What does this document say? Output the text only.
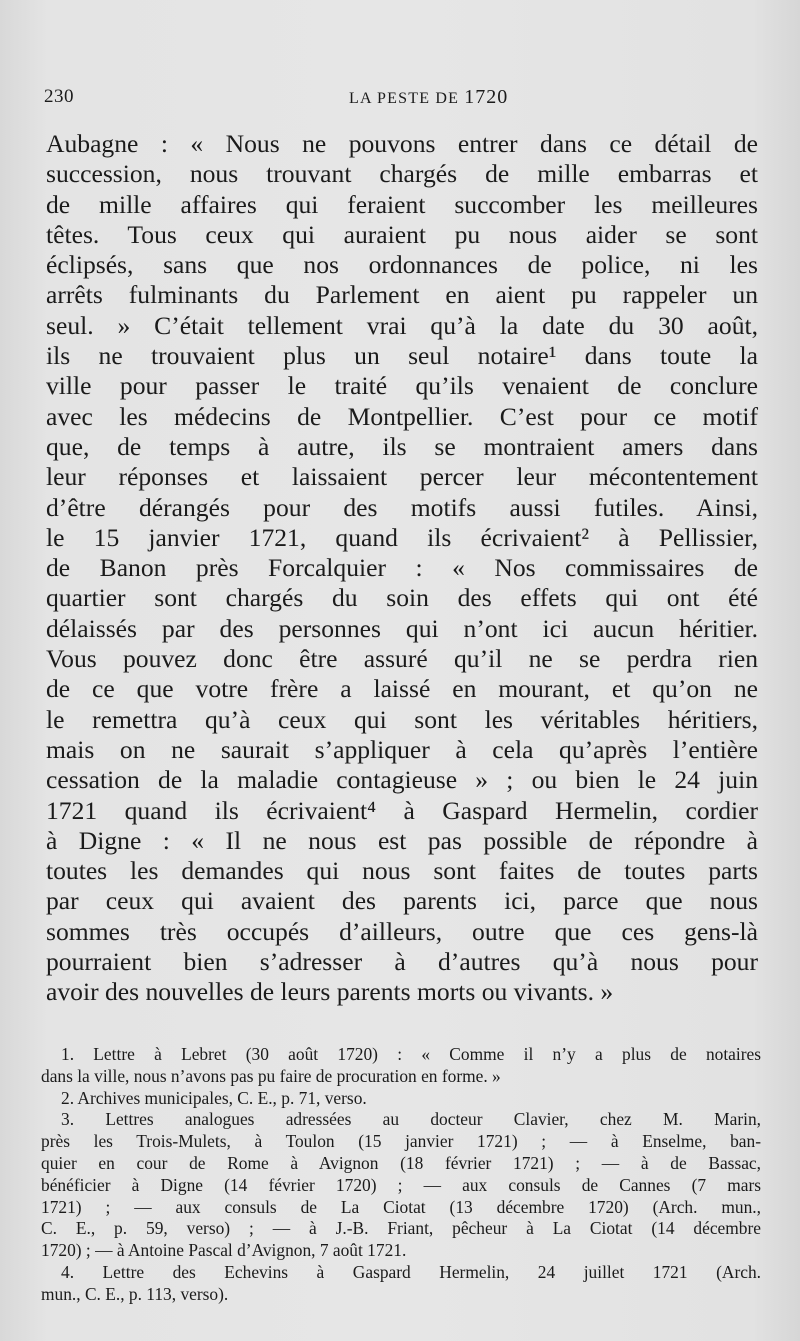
230	LA PESTE DE 1720
Aubagne : « Nous ne pouvons entrer dans ce détail de
succession, nous trouvant chargés de mille embarras et
de mille affaires qui feraient succomber les meilleures
têtes. Tous ceux qui auraient pu nous aider se sont
éclipsés, sans que nos ordonnances de police, ni les
arrêts fulminants du Parlement en aient pu rappeler un
seul. » C’était tellement vrai qu’à la date du 30 août,
ils ne trouvaient plus un seul notaire¹ dans toute la
ville pour passer le traité qu’ils venaient de conclure
avec les médecins de Montpellier. C’est pour ce motif
que, de temps à autre, ils se montraient amers dans
leur réponses et laissaient percer leur mécontentement
d’être dérangés pour des motifs aussi futiles. Ainsi,
le 15 janvier 1721, quand ils écrivaient² à Pellissier,
de Banon près Forcalquier : « Nos commissaires de
quartier sont chargés du soin des effets qui ont été
délaissés par des personnes qui n’ont ici aucun héritier.
Vous pouvez donc être assuré qu’il ne se perdra rien
de ce que votre frère a laissé en mourant, et qu’on ne
le remettra qu’à ceux qui sont les véritables héritiers,
mais on ne saurait s’appliquer à cela qu’après l’entière
cessation de la maladie contagieuse » ; ou bien le 24 juin
1721 quand ils écrivaient⁴ à Gaspard Hermelin, cordier
à Digne : « Il ne nous est pas possible de répondre à
toutes les demandes qui nous sont faites de toutes parts
par ceux qui avaient des parents ici, parce que nous
sommes très occupés d’ailleurs, outre que ces gens-là
pourraient bien s’adresser à d’autres qu’à nous pour
avoir des nouvelles de leurs parents morts ou vivants. »
1. Lettre à Lebret (30 août 1720) : « Comme il n’y a plus de notaires
dans la ville, nous n’avons pas pu faire de procuration en forme. »
2. Archives municipales, C. E., p. 71, verso.
3. Lettres analogues adressées au docteur Clavier, chez M. Marin,
près les Trois-Mulets, à Toulon (15 janvier 1721) ; — à Enselme, ban-
quier en cour de Rome à Avignon (18 février 1721) ; — à de Bassac,
bénéficier à Digne (14 février 1720) ; — aux consuls de Cannes (7 mars
1721) ; — aux consuls de La Ciotat (13 décembre 1720) (Arch. mun.,
C. E., p. 59, verso) ; — à J.-B. Friant, pêcheur à La Ciotat (14 décembre
1720) ; — à Antoine Pascal d’Avignon, 7 août 1721.
4. Lettre des Echevins à Gaspard Hermelin, 24 juillet 1721 (Arch.
mun., C. E., p. 113, verso).
